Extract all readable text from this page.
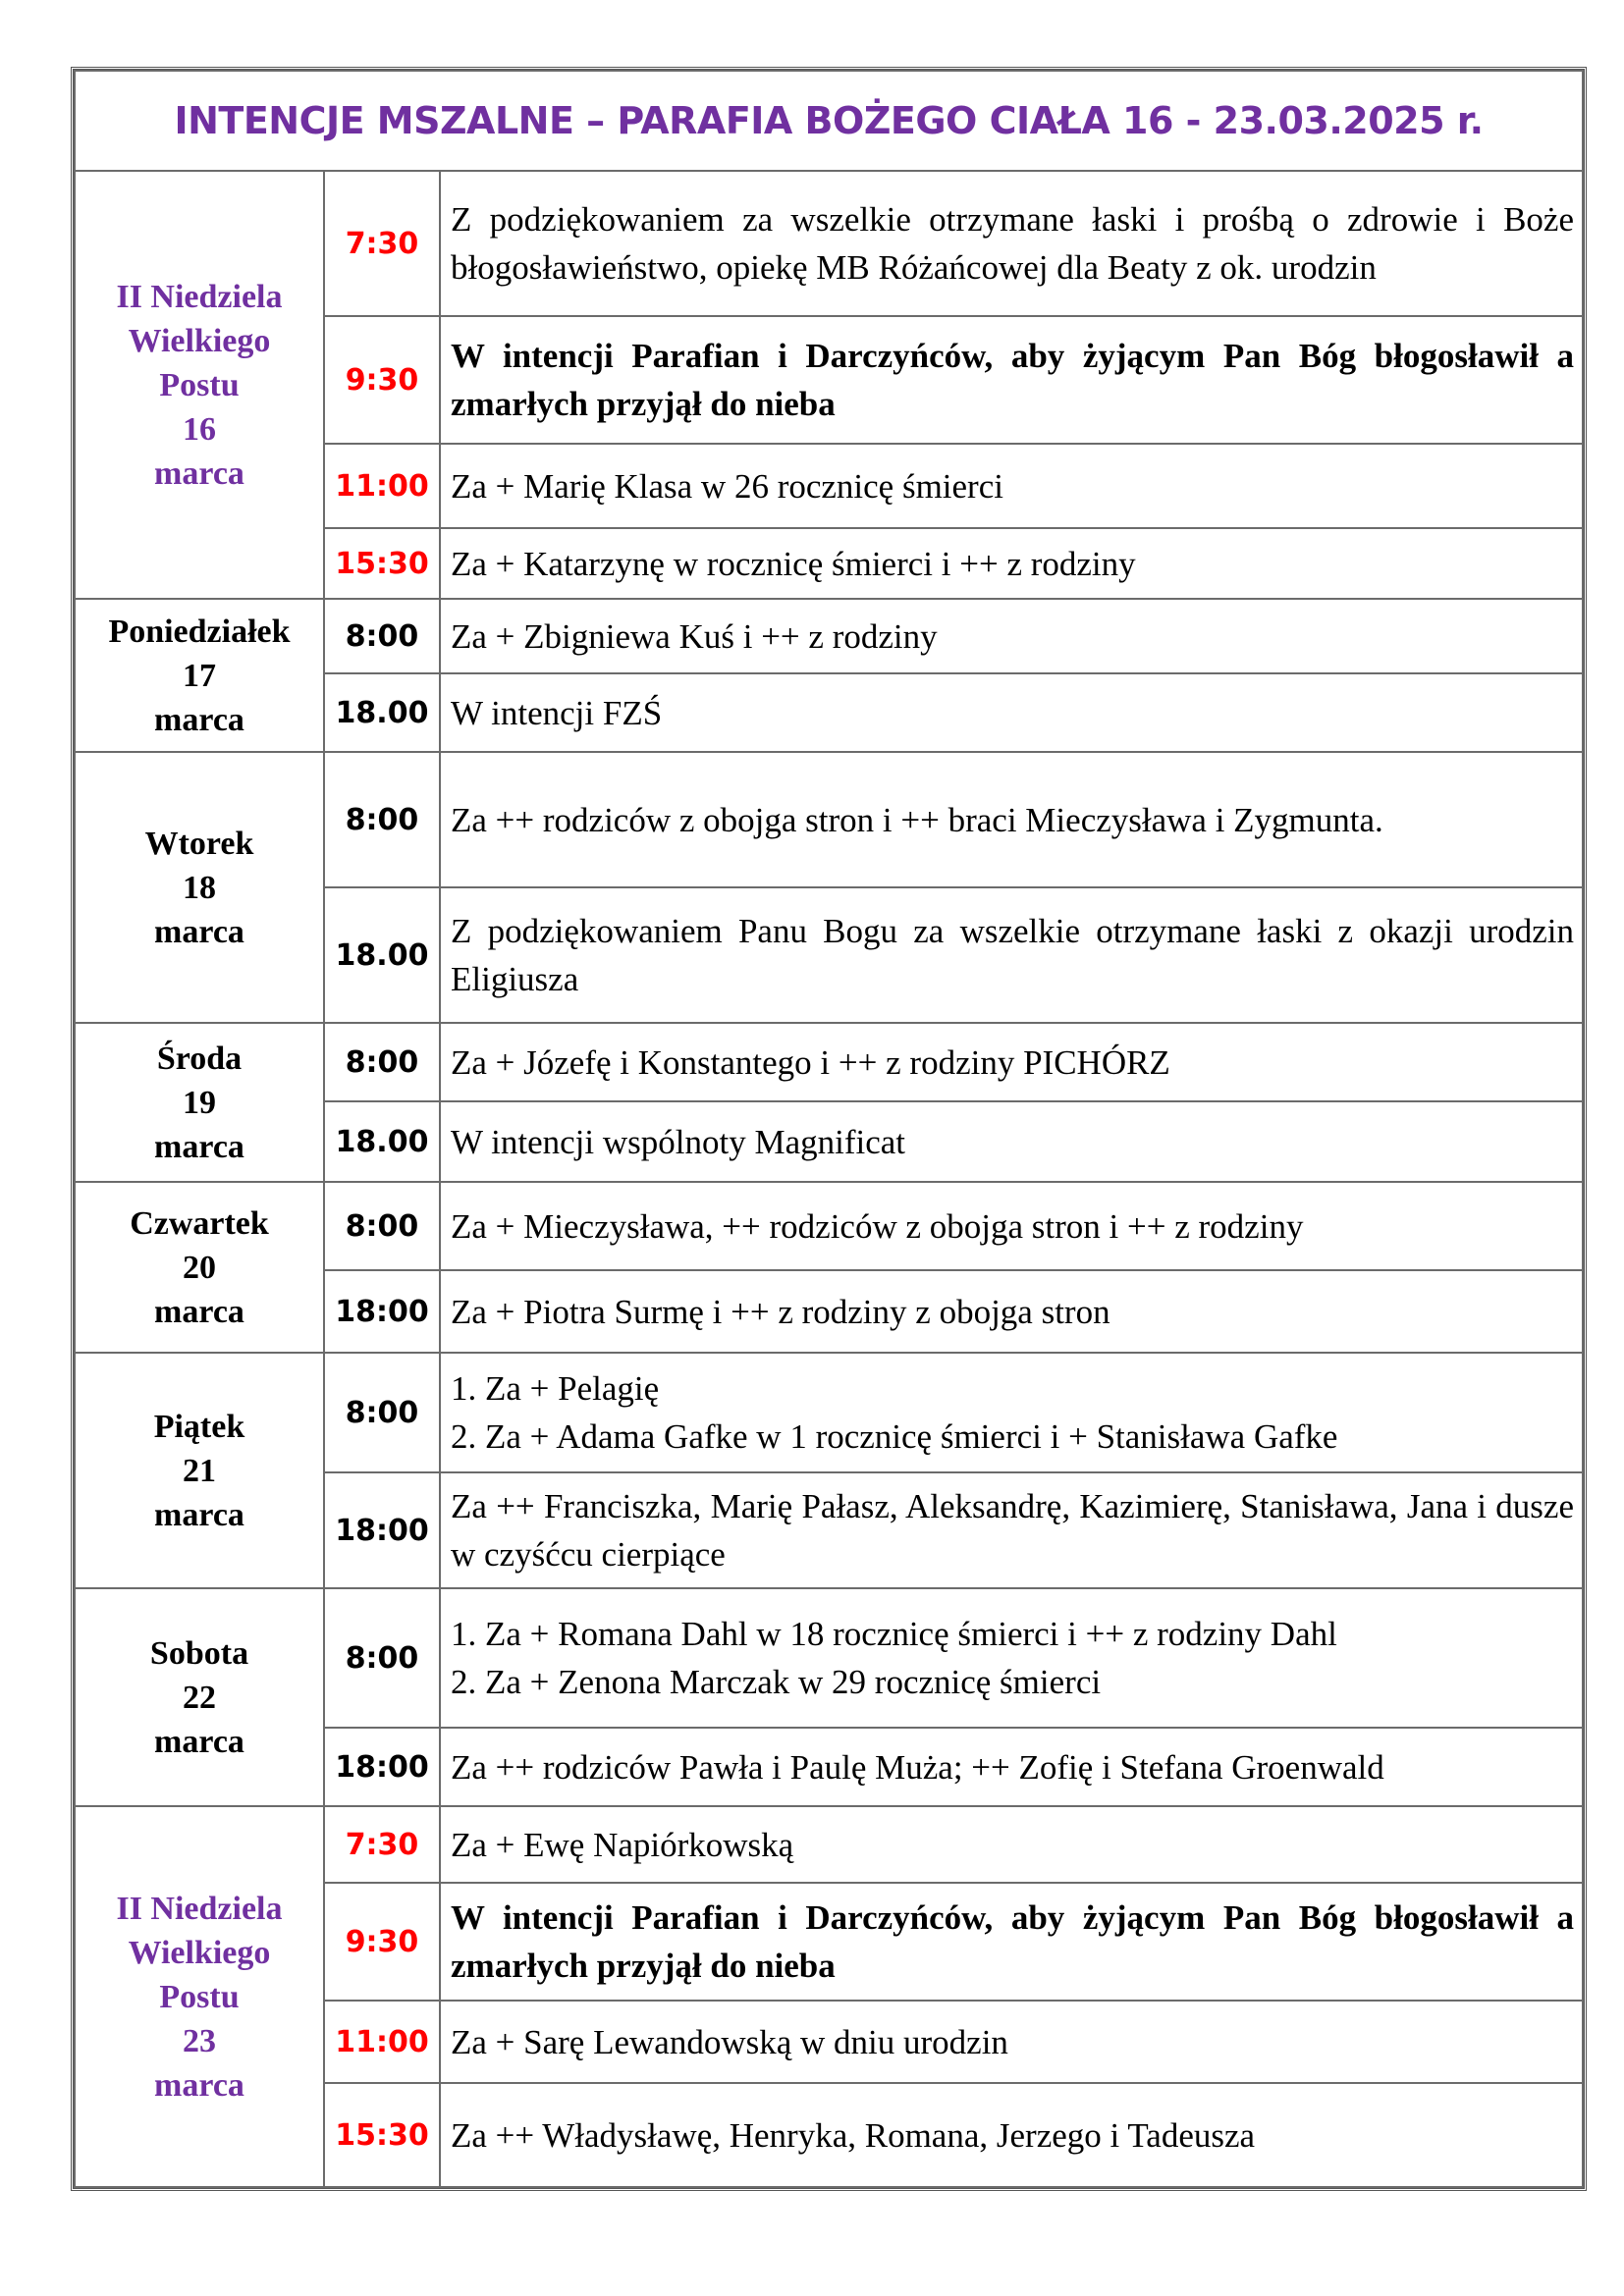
INTENCJE MSZALNE – PARAFIA BOŻEGO CIAŁA 16 - 23.03.2025 r.		

II Niedziela
Wielkiego
Postu
16
marca	7:30	Z podziękowaniem za wszelkie otrzymane łaski i prośbą o zdrowie i Boże błogosławieństwo, opiekę MB Różańcowej dla Beaty z ok. urodzin

	9:30	W intencji Parafian i Darczyńców, aby żyjącym Pan Bóg błogosławił a zmarłych przyjął do nieba

	11:00	Za + Marię Klasa w 26 rocznicę śmierci

	15:30	Za + Katarzynę w rocznicę śmierci i ++ z rodziny

Poniedziałek
17
marca	8:00	Za + Zbigniewa Kuś i ++ z rodziny

	18.00	W intencji FZŚ

Wtorek
18
marca	8:00	Za ++ rodziców z obojga stron i ++ braci Mieczysława i Zygmunta.

	18.00	Z podziękowaniem Panu Bogu za wszelkie otrzymane łaski z okazji urodzin Eligiusza

Środa
19
marca	8:00	Za + Józefę i Konstantego i ++ z rodziny PICHÓRZ

	18.00	W intencji wspólnoty Magnificat

Czwartek
20
marca	8:00	Za + Mieczysława, ++ rodziców z obojga stron i ++ z rodziny

	18:00	Za + Piotra Surmę i ++ z rodziny z obojga stron

Piątek
21
marca	8:00	1. Za + Pelagię
2. Za + Adama Gafke w 1 rocznicę śmierci i + Stanisława Gafke

	18:00	Za ++ Franciszka, Marię Pałasz, Aleksandrę, Kazimierę, Stanisława, Jana i dusze w czyśćcu cierpiące

Sobota
22
marca	8:00	1. Za + Romana Dahl w 18 rocznicę śmierci i ++ z rodziny Dahl
2. Za + Zenona Marczak w 29 rocznicę śmierci

	18:00	Za ++ rodziców Pawła i Paulę Muża; ++ Zofię i Stefana Groenwald

II Niedziela
Wielkiego
Postu
23
marca	7:30	Za + Ewę Napiórkowską

	9:30	W intencji Parafian i Darczyńców, aby żyjącym Pan Bóg błogosławił a zmarłych przyjął do nieba

	11:00	Za + Sarę Lewandowską w dniu urodzin

	15:30	Za ++ Władysławę, Henryka, Romana, Jerzego i Tadeusza
